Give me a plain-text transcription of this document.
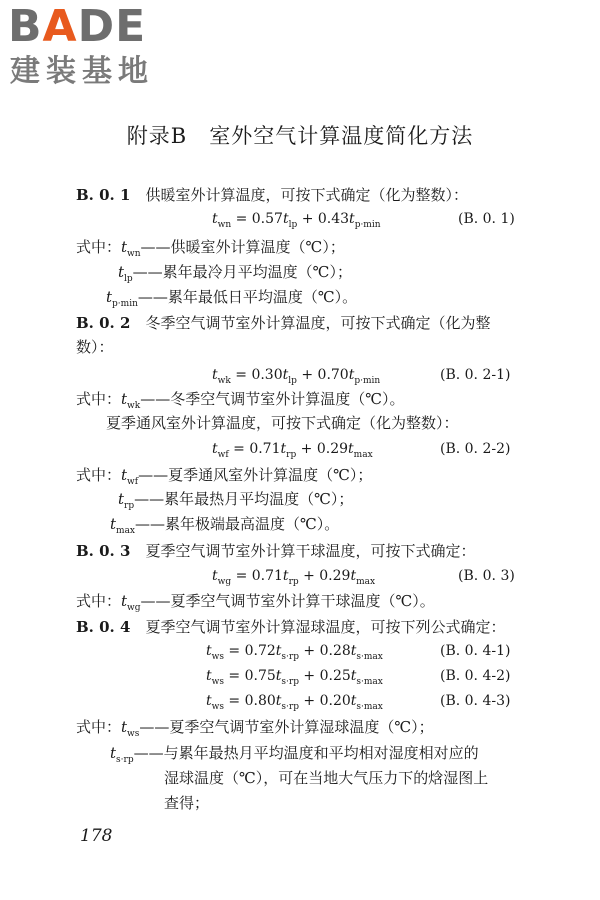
BADE
建装基地
附录B　室外空气计算温度简化方法
B. 0. 1　 供暖室外计算温度，可按下式确定（化为整数）：
$t_{wn} = 0.57t_{lp} + 0.43t_{p\cdot min}$	(B. 0. 1)
式中：$t_{wn}——$供暖室外计算温度（℃）；
$t_{lp}——$累年最冷月平均温度（℃）；
$t_{p\cdot min}——$累年最低日平均温度（℃）。
B. 0. 2　 冬季空气调节室外计算温度，可按下式确定（化为整
数）：
$t_{wk} = 0.30t_{lp} + 0.70t_{p\cdot min}$	(B. 0. 2-1)
式中：$t_{wk}——$冬季空气调节室外计算温度（℃）。
夏季通风室外计算温度，可按下式确定（化为整数）：
$t_{wf} = 0.71t_{rp} + 0.29t_{max}$	(B. 0. 2-2)
式中：$t_{wf}——$夏季通风室外计算温度（℃）；
$t_{rp}——$累年最热月平均温度（℃）；
$t_{max}——$累年极端最高温度（℃）。
B. 0. 3　 夏季空气调节室外计算干球温度，可按下式确定：
$t_{wg} = 0.71t_{rp} + 0.29t_{max}$	(B. 0. 3)
式中：$t_{wg}——$夏季空气调节室外计算干球温度（℃）。
B. 0. 4　 夏季空气调节室外计算湿球温度，可按下列公式确定：
$t_{ws} = 0.72t_{s\cdot rp} + 0.28t_{s\cdot max}$	(B. 0. 4-1)
$t_{ws} = 0.75t_{s\cdot rp} + 0.25t_{s\cdot max}$	(B. 0. 4-2)
$t_{ws} = 0.80t_{s\cdot rp} + 0.20t_{s\cdot max}$	(B. 0. 4-3)
式中：$t_{ws}——$夏季空气调节室外计算湿球温度（℃）；
$t_{s\cdot rp}——$与累年最热月平均温度和平均相对湿度相对应的
湿球温度（℃），可在当地大气压力下的焓湿图上
查得；
178
